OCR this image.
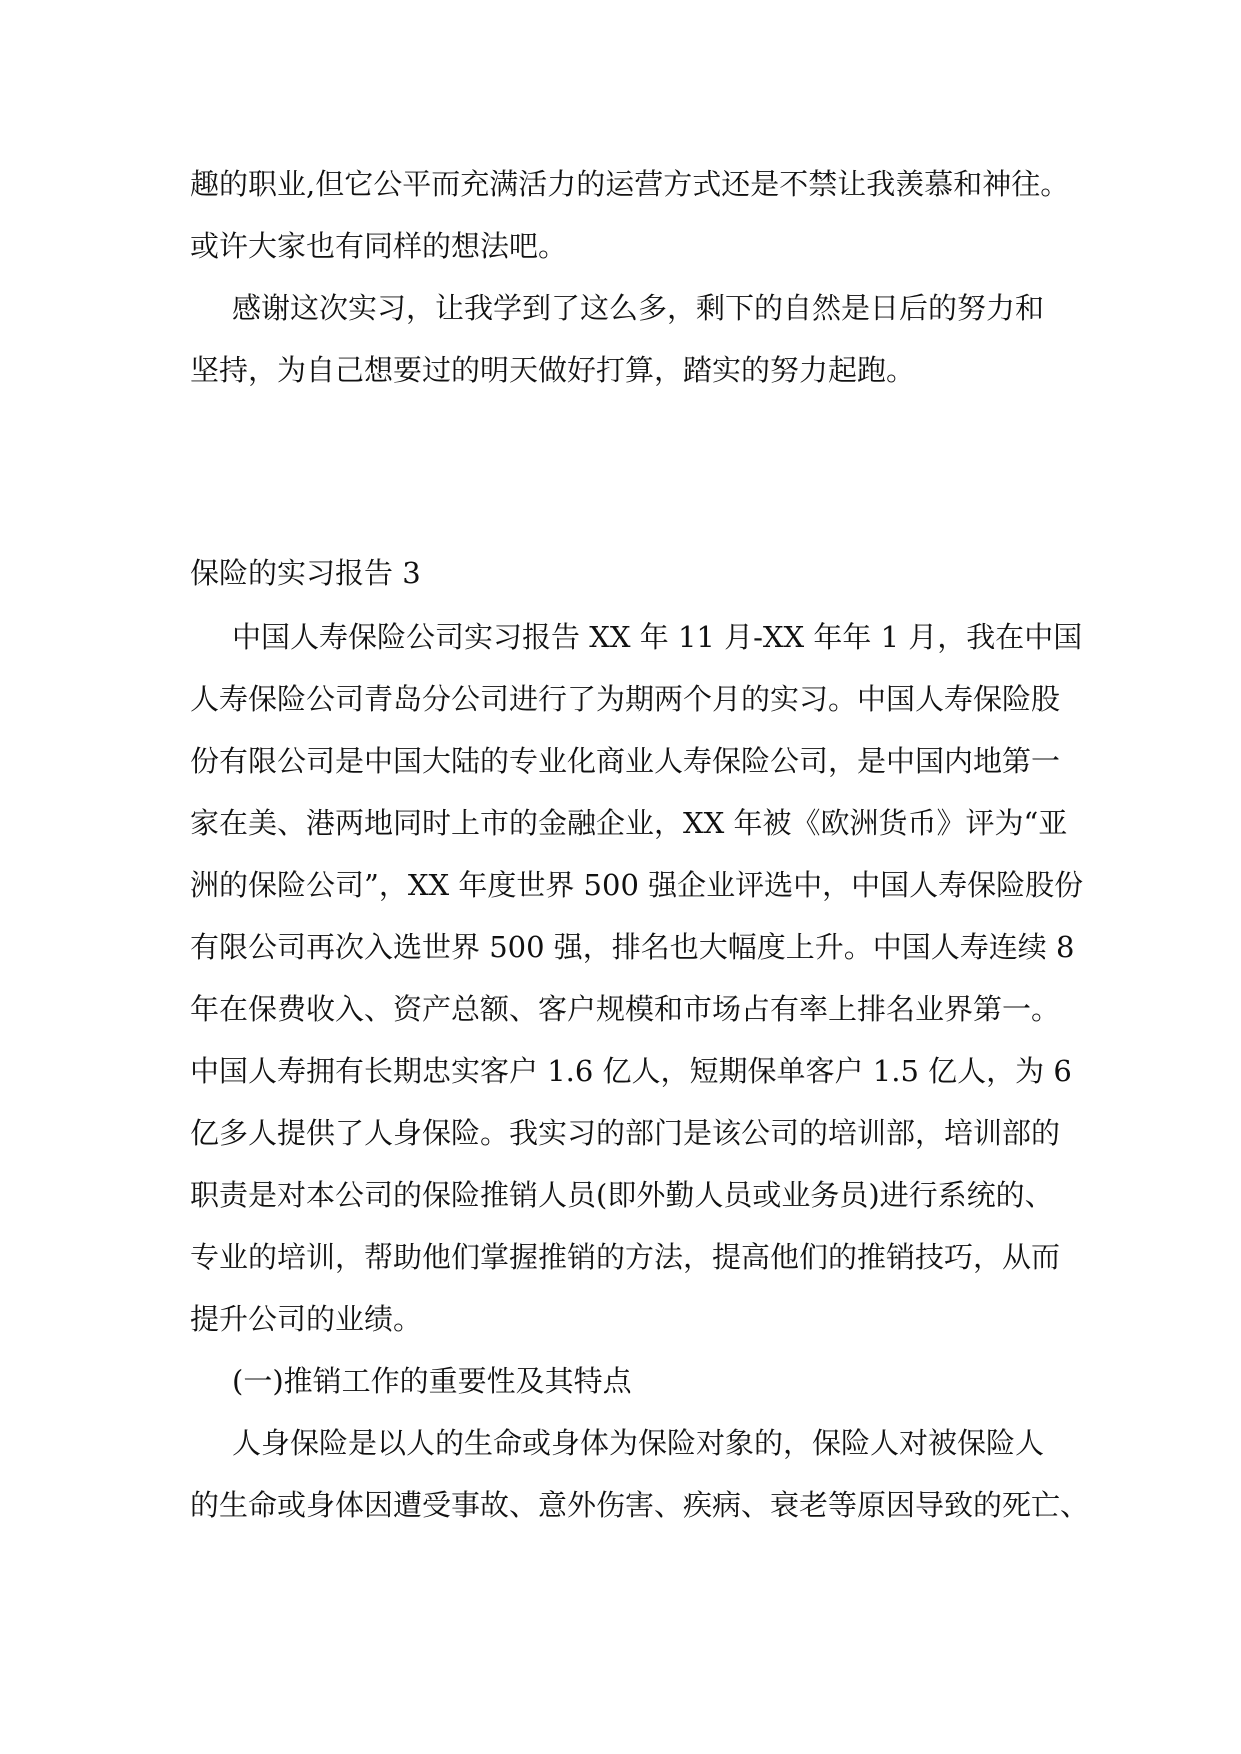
趣的职业,但它公平而充满活力的运营方式还是不禁让我羡慕和神往。
或许大家也有同样的想法吧。
感谢这次实习，让我学到了这么多，剩下的自然是日后的努力和
坚持，为自己想要过的明天做好打算，踏实的努力起跑。
保险的实习报告 3
中国人寿保险公司实习报告 XX 年 11 月-XX 年年 1 月，我在中国
人寿保险公司青岛分公司进行了为期两个月的实习。中国人寿保险股
份有限公司是中国大陆的专业化商业人寿保险公司，是中国内地第一
家在美、港两地同时上市的金融企业，XX 年被《欧洲货币》评为“亚
洲的保险公司”，XX 年度世界 500 强企业评选中，中国人寿保险股份
有限公司再次入选世界 500 强，排名也大幅度上升。中国人寿连续 8
年在保费收入、资产总额、客户规模和市场占有率上排名业界第一。
中国人寿拥有长期忠实客户 1.6 亿人，短期保单客户 1.5 亿人，为 6
亿多人提供了人身保险。我实习的部门是该公司的培训部，培训部的
职责是对本公司的保险推销人员(即外勤人员或业务员)进行系统的、
专业的培训，帮助他们掌握推销的方法，提高他们的推销技巧，从而
提升公司的业绩。
(一)推销工作的重要性及其特点
人身保险是以人的生命或身体为保险对象的，保险人对被保险人
的生命或身体因遭受事故、意外伤害、疾病、衰老等原因导致的死亡、
